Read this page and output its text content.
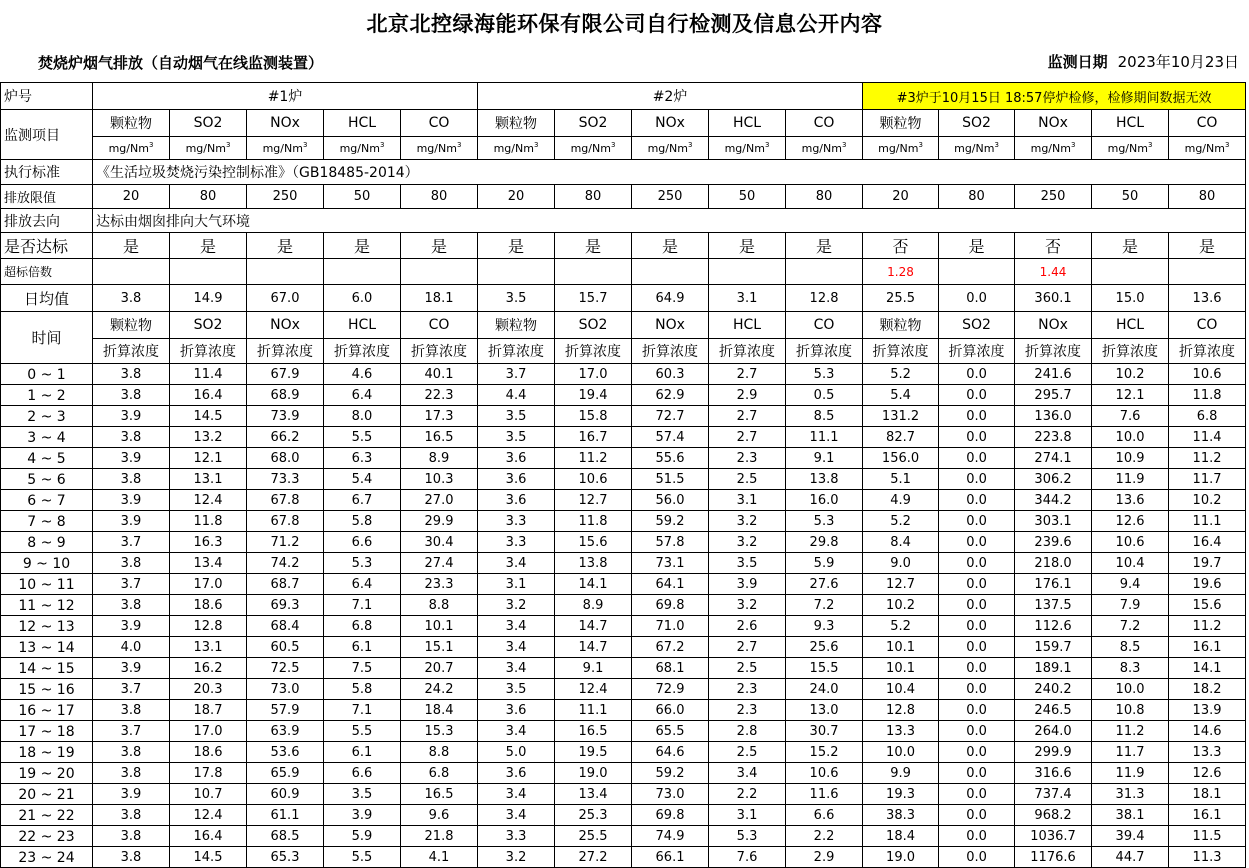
北京北控绿海能环保有限公司自行检测及信息公开内容
焚烧炉烟气排放（自动烟气在线监测装置）	监测日期 2023年10月23日
炉号	#1炉					#2炉					#3炉于10月15日 18:57停炉检修，检修期间数据无效				
监测项目	颗粒物	SO2	NOx	HCL	CO	颗粒物	SO2	NOx	HCL	CO	颗粒物	SO2	NOx	HCL	CO
	mg/Nm$^3$	mg/Nm$^3$	mg/Nm$^3$	mg/Nm$^3$	mg/Nm$^3$	mg/Nm$^3$	mg/Nm$^3$	mg/Nm$^3$	mg/Nm$^3$	mg/Nm$^3$	mg/Nm$^3$	mg/Nm$^3$	mg/Nm$^3$	mg/Nm$^3$	mg/Nm$^3$
执行标准	《生活垃圾焚烧污染控制标准》（GB18485-2014）														
排放限值	20	80	250	50	80	20	80	250	50	80	20	80	250	50	80
排放去向	达标由烟囱排向大气环境														
是否达标	是	是	是	是	是	是	是	是	是	是	否	是	否	是	是
超标倍数											1.28		1.44		
日均值	3.8	14.9	67.0	6.0	18.1	3.5	15.7	64.9	3.1	12.8	25.5	0.0	360.1	15.0	13.6
时间	颗粒物	SO2	NOx	HCL	CO	颗粒物	SO2	NOx	HCL	CO	颗粒物	SO2	NOx	HCL	CO
	折算浓度	折算浓度	折算浓度	折算浓度	折算浓度	折算浓度	折算浓度	折算浓度	折算浓度	折算浓度	折算浓度	折算浓度	折算浓度	折算浓度	折算浓度
0 ~ 1	3.8	11.4	67.9	4.6	40.1	3.7	17.0	60.3	2.7	5.3	5.2	0.0	241.6	10.2	10.6
1 ~ 2	3.8	16.4	68.9	6.4	22.3	4.4	19.4	62.9	2.9	0.5	5.4	0.0	295.7	12.1	11.8
2 ~ 3	3.9	14.5	73.9	8.0	17.3	3.5	15.8	72.7	2.7	8.5	131.2	0.0	136.0	7.6	6.8
3 ~ 4	3.8	13.2	66.2	5.5	16.5	3.5	16.7	57.4	2.7	11.1	82.7	0.0	223.8	10.0	11.4
4 ~ 5	3.9	12.1	68.0	6.3	8.9	3.6	11.2	55.6	2.3	9.1	156.0	0.0	274.1	10.9	11.2
5 ~ 6	3.8	13.1	73.3	5.4	10.3	3.6	10.6	51.5	2.5	13.8	5.1	0.0	306.2	11.9	11.7
6 ~ 7	3.9	12.4	67.8	6.7	27.0	3.6	12.7	56.0	3.1	16.0	4.9	0.0	344.2	13.6	10.2
7 ~ 8	3.9	11.8	67.8	5.8	29.9	3.3	11.8	59.2	3.2	5.3	5.2	0.0	303.1	12.6	11.1
8 ~ 9	3.7	16.3	71.2	6.6	30.4	3.3	15.6	57.8	3.2	29.8	8.4	0.0	239.6	10.6	16.4
9 ~ 10	3.8	13.4	74.2	5.3	27.4	3.4	13.8	73.1	3.5	5.9	9.0	0.0	218.0	10.4	19.7
10 ~ 11	3.7	17.0	68.7	6.4	23.3	3.1	14.1	64.1	3.9	27.6	12.7	0.0	176.1	9.4	19.6
11 ~ 12	3.8	18.6	69.3	7.1	8.8	3.2	8.9	69.8	3.2	7.2	10.2	0.0	137.5	7.9	15.6
12 ~ 13	3.9	12.8	68.4	6.8	10.1	3.4	14.7	71.0	2.6	9.3	5.2	0.0	112.6	7.2	11.2
13 ~ 14	4.0	13.1	60.5	6.1	15.1	3.4	14.7	67.2	2.7	25.6	10.1	0.0	159.7	8.5	16.1
14 ~ 15	3.9	16.2	72.5	7.5	20.7	3.4	9.1	68.1	2.5	15.5	10.1	0.0	189.1	8.3	14.1
15 ~ 16	3.7	20.3	73.0	5.8	24.2	3.5	12.4	72.9	2.3	24.0	10.4	0.0	240.2	10.0	18.2
16 ~ 17	3.8	18.7	57.9	7.1	18.4	3.6	11.1	66.0	2.3	13.0	12.8	0.0	246.5	10.8	13.9
17 ~ 18	3.7	17.0	63.9	5.5	15.3	3.4	16.5	65.5	2.8	30.7	13.3	0.0	264.0	11.2	14.6
18 ~ 19	3.8	18.6	53.6	6.1	8.8	5.0	19.5	64.6	2.5	15.2	10.0	0.0	299.9	11.7	13.3
19 ~ 20	3.8	17.8	65.9	6.6	6.8	3.6	19.0	59.2	3.4	10.6	9.9	0.0	316.6	11.9	12.6
20 ~ 21	3.9	10.7	60.9	3.5	16.5	3.4	13.4	73.0	2.2	11.6	19.3	0.0	737.4	31.3	18.1
21 ~ 22	3.8	12.4	61.1	3.9	9.6	3.4	25.3	69.8	3.1	6.6	38.3	0.0	968.2	38.1	16.1
22 ~ 23	3.8	16.4	68.5	5.9	21.8	3.3	25.5	74.9	5.3	2.2	18.4	0.0	1036.7	39.4	11.5
23 ~ 24	3.8	14.5	65.3	5.5	4.1	3.2	27.2	66.1	7.6	2.9	19.0	0.0	1176.6	44.7	11.3
